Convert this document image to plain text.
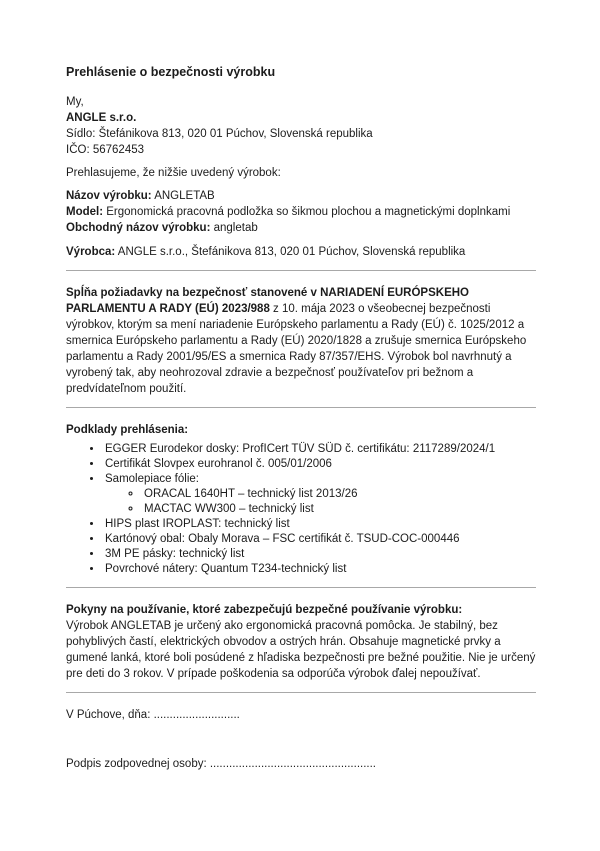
Prehlásenie o bezpečnosti výrobku
My,
ANGLE s.r.o.
Sídlo: Štefánikova 813, 020 01 Púchov, Slovenská republika
IČO: 56762453
Prehlasujeme, že nižšie uvedený výrobok:
Názov výrobku: ANGLETAB
Model: Ergonomická pracovná podložka so šikmou plochou a magnetickými doplnkami
Obchodný názov výrobku: angletab
Výrobca: ANGLE s.r.o., Štefánikova 813, 020 01 Púchov, Slovenská republika

Spĺňa požiadavky na bezpečnosť stanovené v NARIADENÍ EURÓPSKEHO PARLAMENTU A RADY (EÚ) 2023/988 z 10. mája 2023 o všeobecnej bezpečnosti výrobkov, ktorým sa mení nariadenie Európskeho parlamentu a Rady (EÚ) č. 1025/2012 a smernica Európskeho parlamentu a Rady (EÚ) 2020/1828 a zrušuje smernica Európskeho parlamentu a Rady 2001/95/ES a smernica Rady 87/357/EHS. Výrobok bol navrhnutý a vyrobený tak, aby neohrozoval zdravie a bezpečnosť používateľov pri bežnom a predvídateľnom použití.

Podklady prehlásenia:
• EGGER Eurodekor dosky: ProfICert TÜV SÜD č. certifikátu: 2117289/2024/1
• Certifikát Slovpex eurohranol č. 005/01/2006
• Samolepiace fólie:
◦ ORACAL 1640HT – technický list 2013/26
◦ MACTAC WW300 – technický list
• HIPS plast IROPLAST: technický list
• Kartónový obal: Obaly Morava – FSC certifikát č. TSUD-COC-000446
• 3M PE pásky: technický list
• Povrchové nátery: Quantum T234-technický list
Pokyny na používanie, ktoré zabezpečujú bezpečné používanie výrobku:

Výrobok ANGLETAB je určený ako ergonomická pracovná pomôcka. Je stabilný, bez pohyblivých častí, elektrických obvodov a ostrých hrán. Obsahuje magnetické prvky a gumené lanká, ktoré boli posúdené z hľadiska bezpečnosti pre bežné použitie. Nie je určený pre deti do 3 rokov. V prípade poškodenia sa odporúča výrobok ďalej nepoužívať.

V Púchove, dňa: ...........................
Podpis zodpovednej osoby: ....................................................
